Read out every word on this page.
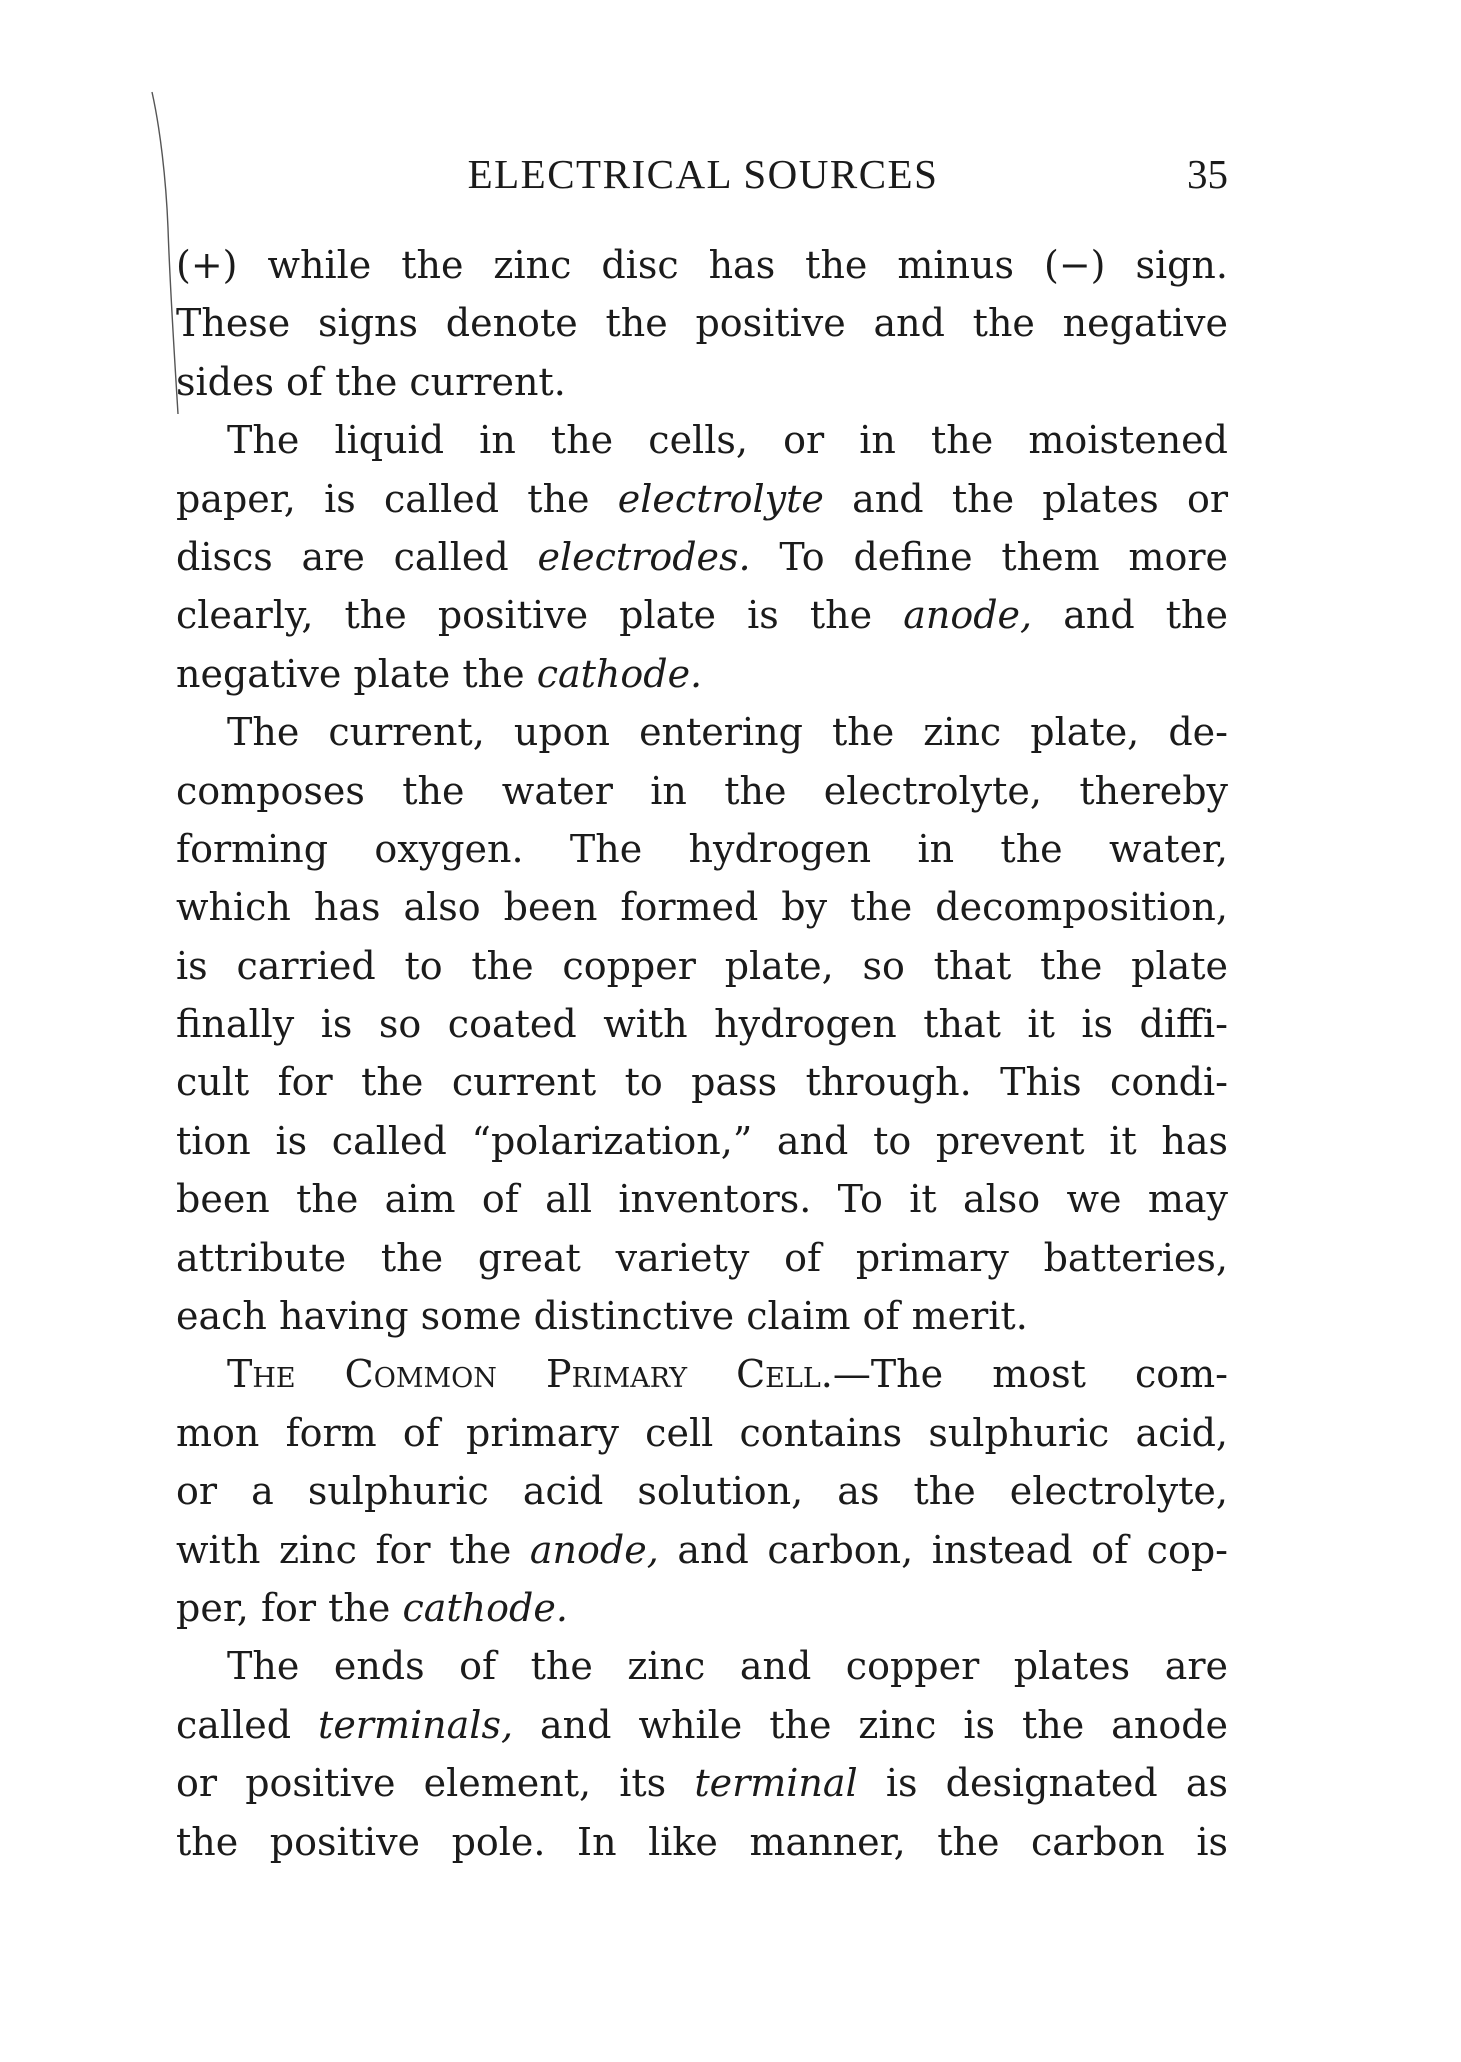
ELECTRICAL SOURCES	35
(+) while the zinc disc has the minus (−) sign.
These signs denote the positive and the negative
sides of the current.
The liquid in the cells, or in the moistened
paper, is called the electrolyte and the plates or
discs are called electrodes. To define them more
clearly, the positive plate is the anode, and the
negative plate the cathode.
The current, upon entering the zinc plate, de-
composes the water in the electrolyte, thereby
forming oxygen. The hydrogen in the water,
which has also been formed by the decomposition,
is carried to the copper plate, so that the plate
finally is so coated with hydrogen that it is diffi-
cult for the current to pass through. This condi-
tion is called “polarization,” and to prevent it has
been the aim of all inventors. To it also we may
attribute the great variety of primary batteries,
each having some distinctive claim of merit.
The Common Primary Cell.—The most com-
mon form of primary cell contains sulphuric acid,
or a sulphuric acid solution, as the electrolyte,
with zinc for the anode, and carbon, instead of cop-
per, for the cathode.
The ends of the zinc and copper plates are
called terminals, and while the zinc is the anode
or positive element, its terminal is designated as
the positive pole. In like manner, the carbon is
